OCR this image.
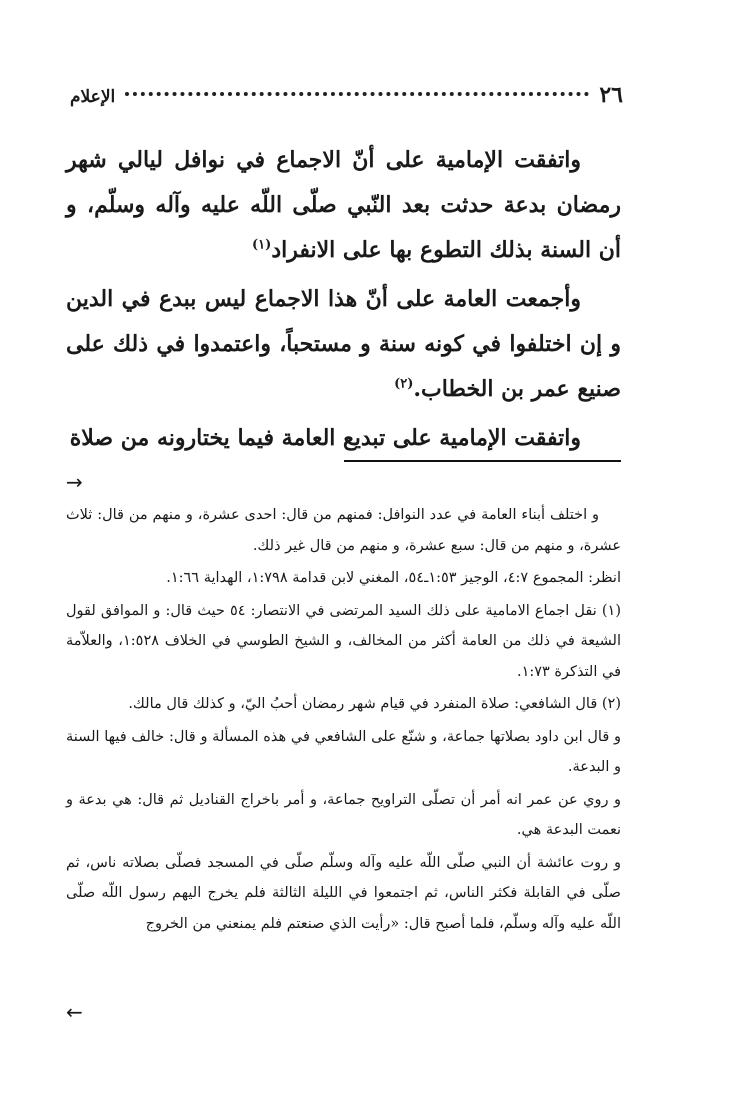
٢٦
الإعلام

واتفقت الإمامية على أنّ الاجماع في نوافل ليالي شهر رمضان بدعة حدثت بعد النّبي صلّى اللّه عليه وآله وسلّم، و أن السنة بذلك التطوع بها على الانفراد$^{(١)}$

وأجمعت العامة على أنّ هذا الاجماع ليس ببدع في الدين و إن اختلفوا في كونه سنة و مستحباً، واعتمدوا في ذلك على صنيع عمر بن الخطاب.$^{(٢)}$

واتفقت الإمامية على تبديع العامة فيما يختارونه من صلاة

→

و اختلف أبناء العامة في عدد النوافل: فمنهم من قال: احدى عشرة، و منهم من قال: ثلاث عشرة، و منهم من قال: سبع عشرة، و منهم من قال غير ذلك.

انظر: المجموع ٤:٧، الوجيز ١:٥٣ـ٥٤، المغني لابن قدامة ١:٧٩٨، الهداية ١:٦٦.

(١) نقل اجماع الامامية على ذلك السيد المرتضى في الانتصار: ٥٤ حيث قال: و الموافق لقول الشيعة في ذلك من العامة أكثر من المخالف، و الشيخ الطوسي في الخلاف ١:٥٢٨، والعلاّمة في التذكرة ١:٧٣.

(٢) قال الشافعي: صلاة المنفرد في قيام شهر رمضان أحبُ اليّ، و كذلك قال مالك.

و قال ابن داود بصلاتها جماعة، و شنّع على الشافعي في هذه المسألة و قال: خالف فيها السنة و البدعة.

و روي عن عمر انه أمر أن تصلّى التراويح جماعة، و أمر باخراج القناديل ثم قال: هي بدعة و نعمت البدعة هي.

و روت عائشة أن النبي صلّى اللّه عليه وآله وسلّم صلّى في المسجد فصلّى بصلاته ناس، ثم صلّى في القابلة فكثر الناس، ثم اجتمعوا في الليلة الثالثة فلم يخرج اليهم رسول اللّه صلّى اللّه عليه وآله وسلّم، فلما أصبح قال: «رأيت الذي صنعتم فلم يمنعني من الخروج

←
